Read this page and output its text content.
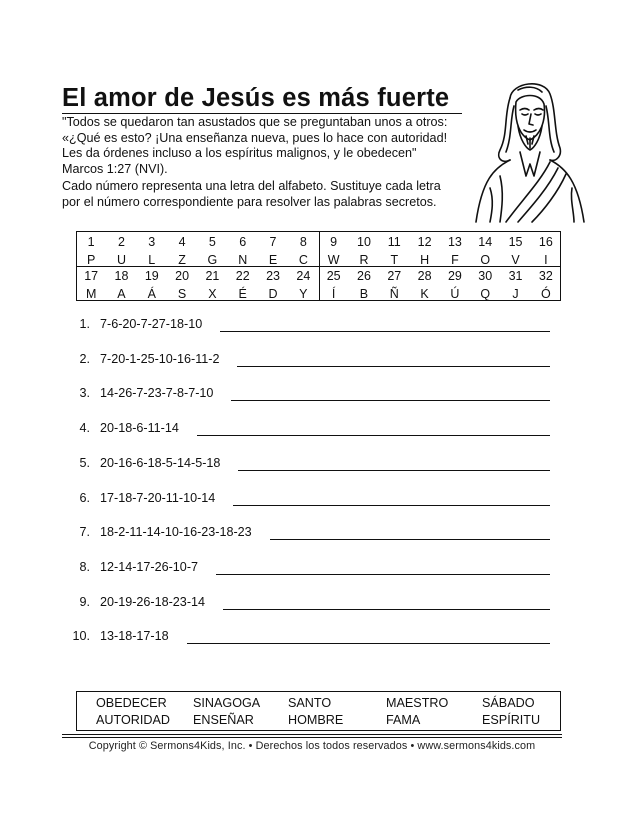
El amor de Jesús es más fuerte
"Todos se quedaron tan asustados que se preguntaban unos a otros:
«¿Qué es esto? ¡Una enseñanza nueva, pues lo hace con autoridad!
Les da órdenes incluso a los espíritus malignos, y le obedecen"
Marcos 1:27 (NVI).
Cado número representa una letra del alfabeto. Sustituye cada letra
por el número correspondiente para resolver las palabras secretos.
1
P
2
U
3
L
4
Z
5
G
6
N
7
E
8
C
9
W
10
R
11
T
12
H
13
F
14
O
15
V
16
I
17
M
18
A
19
Á
20
S
21
X
22
É
23
D
24
Y
25
Í
26
B
27
Ñ
28
K
29
Ú
30
Q
31
J
32
Ó
1. 7-6-20-7-27-18-10
2. 7-20-1-25-10-16-11-2
3. 14-26-7-23-7-8-7-10
4. 20-18-6-11-14
5. 20-16-6-18-5-14-5-18
6. 17-18-7-20-11-10-14
7. 18-2-11-14-10-16-23-18-23
8. 12-14-17-26-10-7
9. 20-19-26-18-23-14
10. 13-18-17-18
OBEDECER
AUTORIDAD
SINAGOGA
ENSEÑAR
SANTO
HOMBRE
MAESTRO
FAMA
SÁBADO
ESPÍRITU
Copyright © Sermons4Kids, Inc. • Derechos los todos reservados • www.sermons4kids.com
